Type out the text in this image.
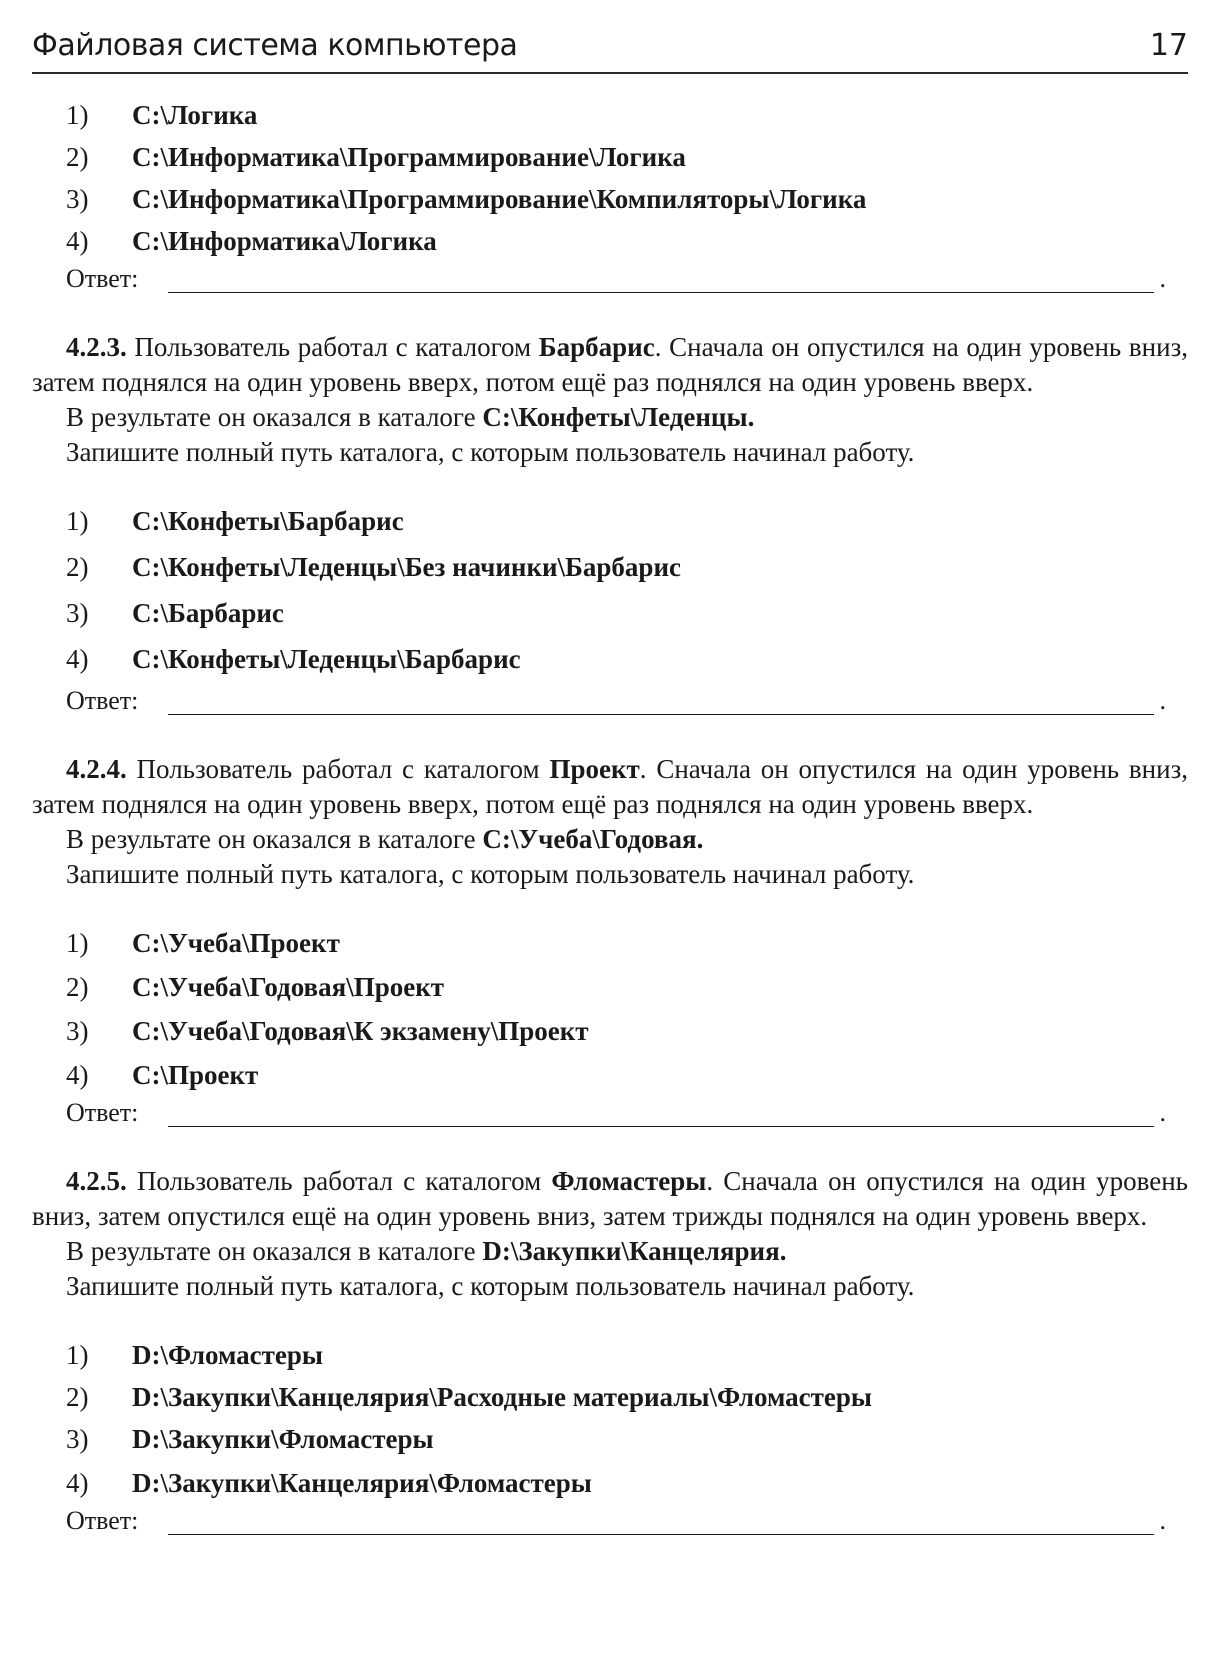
Файловая система компьютера	17
1) C:\Логика
2) C:\Информатика\Программирование\Логика
3) C:\Информатика\Программирование\Компиляторы\Логика
4) C:\Информатика\Логика
Ответ:	.

4.2.3. Пользователь работал с каталогом Барбарис. Сначала он опустился на один уровень вниз, затем поднялся на один уровень вверх, потом ещё раз поднялся на один уровень вверх.

В результате он оказался в каталоге C:\Конфеты\Леденцы.

Запишите полный путь каталога, с которым пользователь начинал работу.

1) C:\Конфеты\Барбарис
2) C:\Конфеты\Леденцы\Без начинки\Барбарис
3) C:\Барбарис
4) C:\Конфеты\Леденцы\Барбарис
Ответ:	.

4.2.4. Пользователь работал с каталогом Проект. Сначала он опустился на один уровень вниз, затем поднялся на один уровень вверх, потом ещё раз поднялся на один уровень вверх.

В результате он оказался в каталоге C:\Учеба\Годовая.

Запишите полный путь каталога, с которым пользователь начинал работу.

1) C:\Учеба\Проект
2) C:\Учеба\Годовая\Проект
3) C:\Учеба\Годовая\К экзамену\Проект
4) C:\Проект
Ответ:	.

4.2.5. Пользователь работал с каталогом Фломастеры. Сначала он опустился на один уровень вниз, затем опустился ещё на один уровень вниз, затем трижды поднялся на один уровень вверх.

В результате он оказался в каталоге D:\Закупки\Канцелярия.

Запишите полный путь каталога, с которым пользователь начинал работу.

1) D:\Фломастеры
2) D:\Закупки\Канцелярия\Расходные материалы\Фломастеры
3) D:\Закупки\Фломастеры
4) D:\Закупки\Канцелярия\Фломастеры
Ответ:	.
